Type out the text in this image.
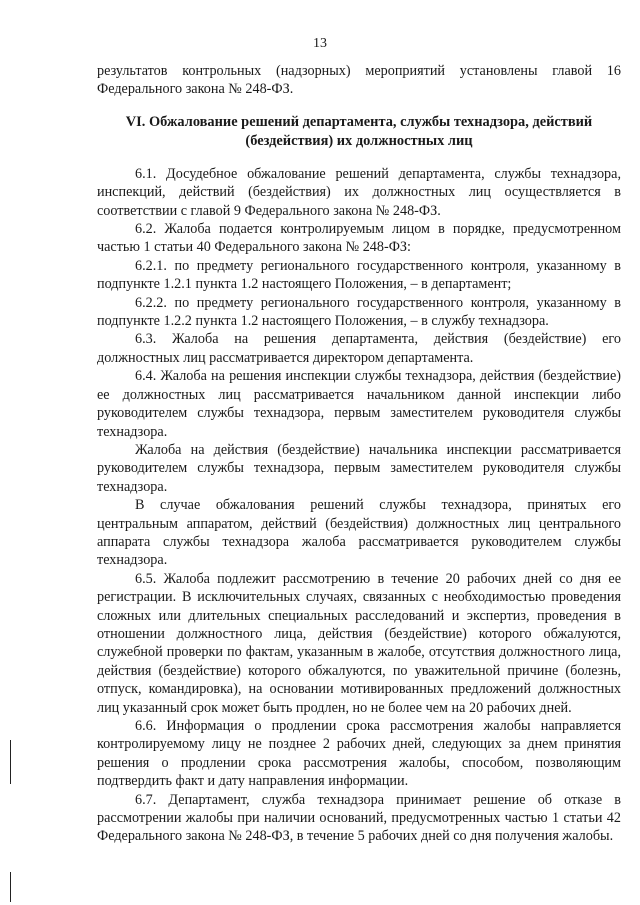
13

результатов контрольных (надзорных) мероприятий установлены главой 16 Федерального закона № 248-ФЗ.

VI. Обжалование решений департамента, службы технадзора, действий (бездействия) их должностных лиц

6.1. Досудебное обжалование решений департамента, службы технадзора, инспекций, действий (бездействия) их должностных лиц осуществляется в соответствии с главой 9 Федерального закона № 248-ФЗ.

6.2. Жалоба подается контролируемым лицом в порядке, предусмотренном частью 1 статьи 40 Федерального закона № 248-ФЗ:

6.2.1. по предмету регионального государственного контроля, указанному в подпункте 1.2.1 пункта 1.2 настоящего Положения, – в департамент;

6.2.2. по предмету регионального государственного контроля, указанному в подпункте 1.2.2 пункта 1.2 настоящего Положения, – в службу технадзора.

6.3. Жалоба на решения департамента, действия (бездействие) его должностных лиц рассматривается директором департамента.

6.4. Жалоба на решения инспекции службы технадзора, действия (бездействие) ее должностных лиц рассматривается начальником данной инспекции либо руководителем службы технадзора, первым заместителем руководителя службы технадзора.

Жалоба на действия (бездействие) начальника инспекции рассматривается руководителем службы технадзора, первым заместителем руководителя службы технадзора.

В случае обжалования решений службы технадзора, принятых его центральным аппаратом, действий (бездействия) должностных лиц центрального аппарата службы технадзора жалоба рассматривается руководителем службы технадзора.

6.5. Жалоба подлежит рассмотрению в течение 20 рабочих дней со дня ее регистрации. В исключительных случаях, связанных с необходимостью проведения сложных или длительных специальных расследований и экспертиз, проведения в отношении должностного лица, действия (бездействие) которого обжалуются, служебной проверки по фактам, указанным в жалобе, отсутствия должностного лица, действия (бездействие) которого обжалуются, по уважительной причине (болезнь, отпуск, командировка), на основании мотивированных предложений должностных лиц указанный срок может быть продлен, но не более чем на 20 рабочих дней.

6.6. Информация о продлении срока рассмотрения жалобы направляется контролируемому лицу не позднее 2 рабочих дней, следующих за днем принятия решения о продлении срока рассмотрения жалобы, способом, позволяющим подтвердить факт и дату направления информации.

6.7. Департамент, служба технадзора принимает решение об отказе в рассмотрении жалобы при наличии оснований, предусмотренных частью 1 статьи 42 Федерального закона № 248-ФЗ, в течение 5 рабочих дней со дня получения жалобы.
